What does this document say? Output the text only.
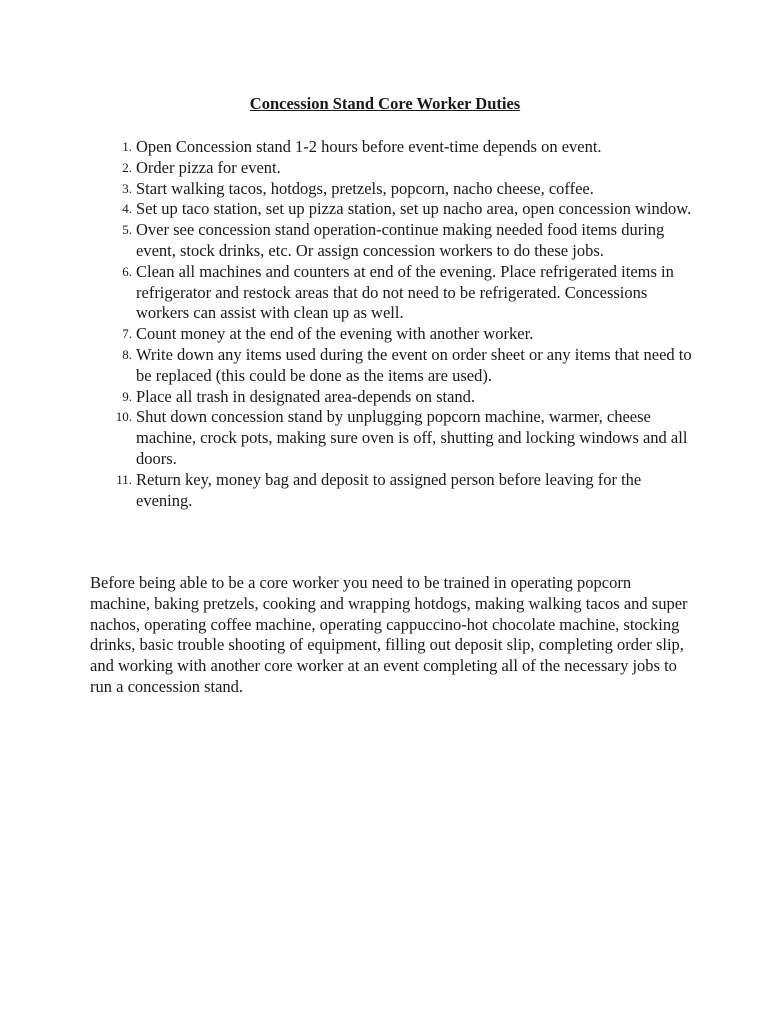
Concession Stand Core Worker Duties
1. Open Concession stand 1-2 hours before event-time depends on event.
2. Order pizza for event.
3. Start walking tacos, hotdogs, pretzels, popcorn, nacho cheese, coffee.
4. Set up taco station, set up pizza station, set up nacho area, open concession window.
5. Over see concession stand operation-continue making needed food items during event, stock drinks, etc. Or assign concession workers to do these jobs.
6. Clean all machines and counters at end of the evening. Place refrigerated items in refrigerator and restock areas that do not need to be refrigerated. Concessions workers can assist with clean up as well.
7. Count money at the end of the evening with another worker.
8. Write down any items used during the event on order sheet or any items that need to be replaced (this could be done as the items are used).
9. Place all trash in designated area-depends on stand.
10. Shut down concession stand by unplugging popcorn machine, warmer, cheese machine, crock pots, making sure oven is off, shutting and locking windows and all doors.
11. Return key, money bag and deposit to assigned person before leaving for the evening.

Before being able to be a core worker you need to be trained in operating popcorn machine, baking pretzels, cooking and wrapping hotdogs, making walking tacos and super nachos, operating coffee machine, operating cappuccino-hot chocolate machine, stocking drinks, basic trouble shooting of equipment, filling out deposit slip, completing order slip, and working with another core worker at an event completing all of the necessary jobs to run a concession stand.
